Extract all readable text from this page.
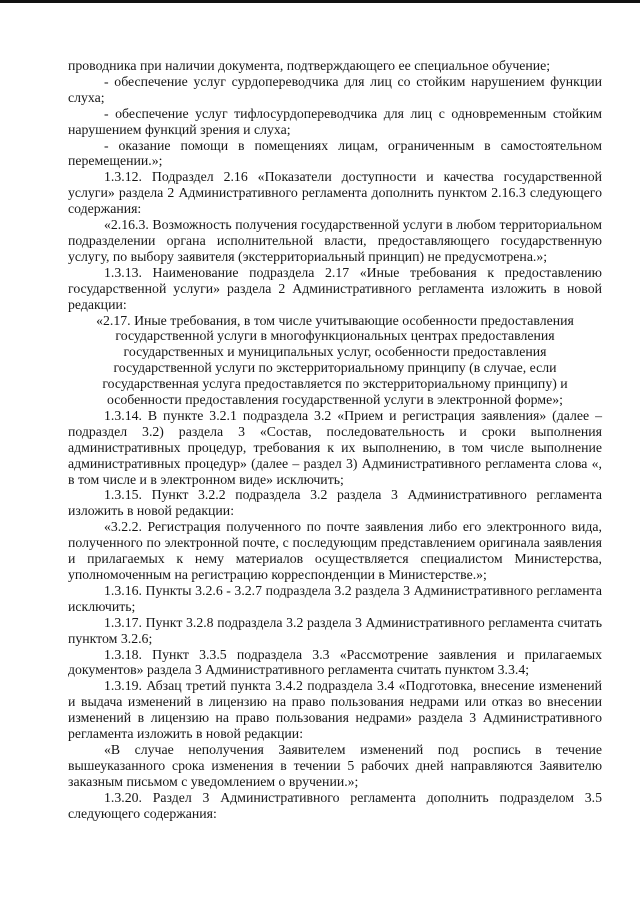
проводника при наличии документа, подтверждающего ее специальное обучение;

- обеспечение услуг сурдопереводчика для лиц со стойким нарушением функции слуха;

- обеспечение услуг тифлосурдопереводчика для лиц с одновременным стойким нарушением функций зрения и слуха;

- оказание помощи в помещениях лицам, ограниченным в самостоятельном перемещении.»;

1.3.12. Подраздел 2.16 «Показатели доступности и качества государственной услуги» раздела 2 Административного регламента дополнить пунктом 2.16.3 следующего содержания:

«2.16.3. Возможность получения государственной услуги в любом территориальном подразделении органа исполнительной власти, предоставляющего государственную услугу, по выбору заявителя (экстерриториальный принцип) не предусмотрена.»;

1.3.13. Наименование подраздела 2.17 «Иные требования к предоставлению государственной услуги» раздела 2 Административного регламента изложить в новой редакции:

«2.17. Иные требования, в том числе учитывающие особенности предоставления государственной услуги в многофункциональных центрах предоставления государственных и муниципальных услуг, особенности предоставления государственной услуги по экстерриториальному принципу (в случае, если государственная услуга предоставляется по экстерриториальному принципу) и особенности предоставления государственной услуги в электронной форме»;

1.3.14. В пункте 3.2.1 подраздела 3.2 «Прием и регистрация заявления» (далее – подраздел 3.2) раздела 3 «Состав, последовательность и сроки выполнения административных процедур, требования к их выполнению, в том числе выполнение административных процедур» (далее – раздел 3) Административного регламента слова «, в том числе и в электронном виде» исключить;

1.3.15. Пункт 3.2.2 подраздела 3.2 раздела 3 Административного регламента изложить в новой редакции:

«3.2.2. Регистрация полученного по почте заявления либо его электронного вида, полученного по электронной почте, с последующим представлением оригинала заявления и прилагаемых к нему материалов осуществляется специалистом Министерства, уполномоченным на регистрацию корреспонденции в Министерстве.»;

1.3.16. Пункты 3.2.6 - 3.2.7 подраздела 3.2 раздела 3 Административного регламента исключить;

1.3.17. Пункт 3.2.8 подраздела 3.2 раздела 3 Административного регламента считать пунктом 3.2.6;

1.3.18. Пункт 3.3.5 подраздела 3.3 «Рассмотрение заявления и прилагаемых документов» раздела 3 Административного регламента считать пунктом 3.3.4;

1.3.19. Абзац третий пункта 3.4.2 подраздела 3.4 «Подготовка, внесение изменений и выдача изменений в лицензию на право пользования недрами или отказ во внесении изменений в лицензию на право пользования недрами» раздела 3 Административного регламента изложить в новой редакции:

«В случае неполучения Заявителем изменений под роспись в течение вышеуказанного срока изменения в течении 5 рабочих дней направляются Заявителю заказным письмом с уведомлением о вручении.»;

1.3.20. Раздел 3 Административного регламента дополнить подразделом 3.5 следующего содержания:
